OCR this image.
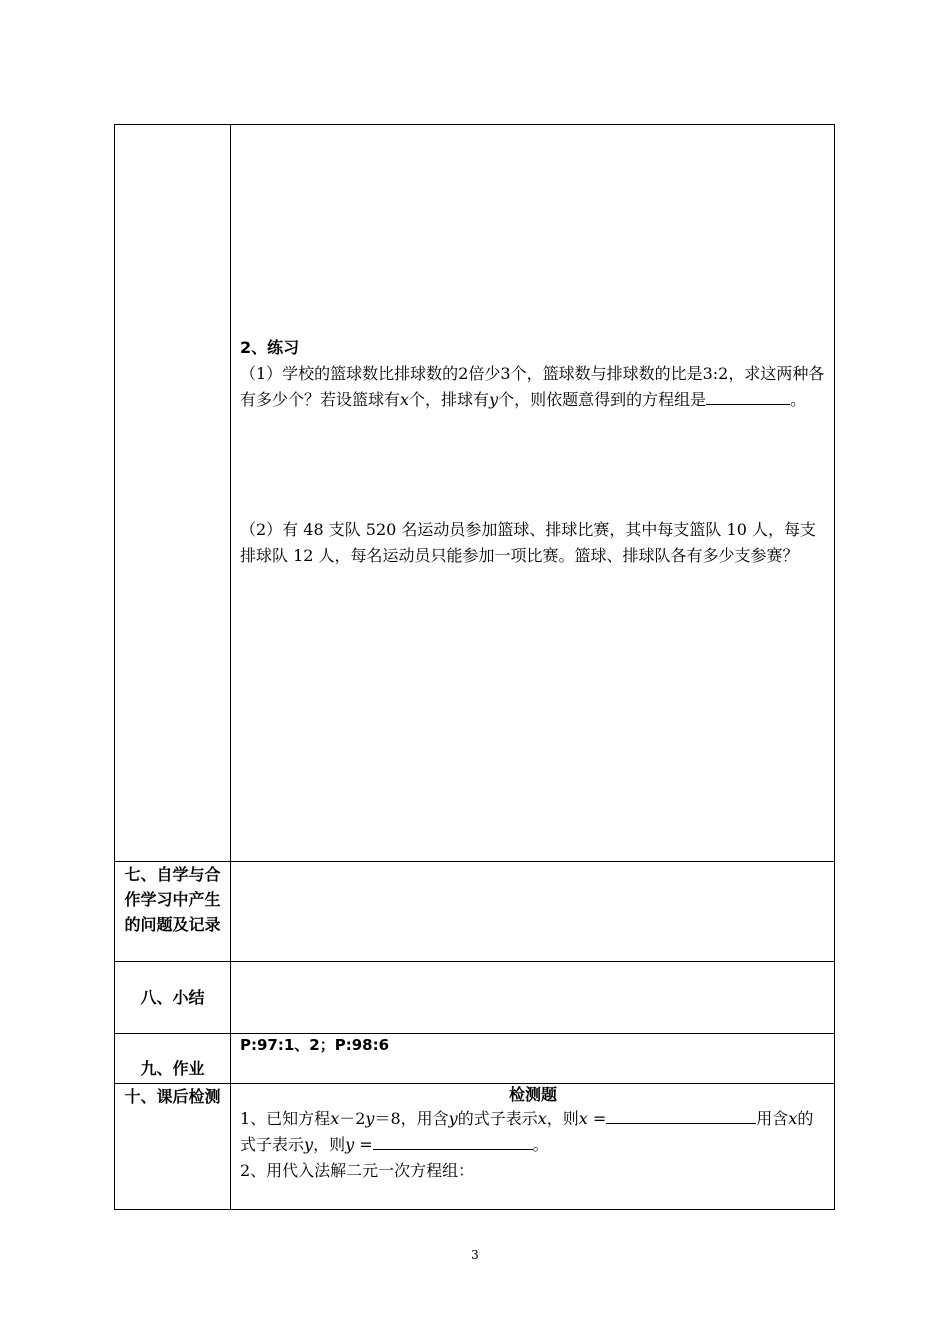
	2、练习
（1）学校的篮球数比排球数的2倍少3个，篮球数与排球数的比是3:2，求这两种各有多少个？若设篮球有x个，排球有y个，则依题意得到的方程组是 。
（2）有 48 支队 520 名运动员参加篮球、排球比赛，其中每支篮队 10 人，每支排球队 12 人，每名运动员只能参加一项比赛。篮球、排球队各有多少支参赛？

七、自学与合作学习中产生的问题及记录	

八、小结	
九、作业	P:97:1、2；P:98:6

十、课后检测	检测题
1、已知方程x－2y＝8，用含y的式子表示x，则x = 用含x的式子表示y，则y = 。
2、用代入法解二元一次方程组：
3
